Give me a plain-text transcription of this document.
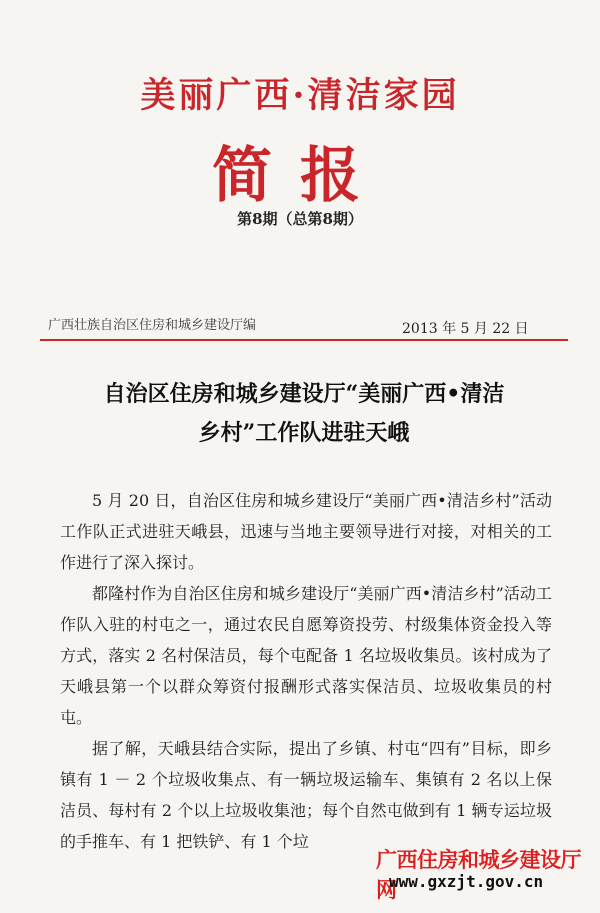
美丽广西·清洁家园
简报
第8期（总第8期）
广西壮族自治区住房和城乡建设厅编	2013 年 5 月 22 日
自治区住房和城乡建设厅“美丽广西•清洁
乡村”工作队进驻天峨

5 月 20 日，自治区住房和城乡建设厅“美丽广西•清洁乡村”活动工作队正式进驻天峨县，迅速与当地主要领导进行对接，对相关的工作进行了深入探讨。

都隆村作为自治区住房和城乡建设厅“美丽广西•清洁乡村”活动工作队入驻的村屯之一，通过农民自愿筹资投劳、村级集体资金投入等方式，落实 2 名村保洁员，每个屯配备 1 名垃圾收集员。该村成为了天峨县第一个以群众筹资付报酬形式落实保洁员、垃圾收集员的村屯。

据了解，天峨县结合实际，提出了乡镇、村屯“四有”目标，即乡镇有 1 － 2 个垃圾收集点、有一辆垃圾运输车、集镇有 2 名以上保洁员、每村有 2 个以上垃圾收集池；每个自然屯做到有 1 辆专运垃圾的手推车、有 1 把铁铲、有 1 个垃

广西住房和城乡建设厅网
www.gxzjt.gov.cn
